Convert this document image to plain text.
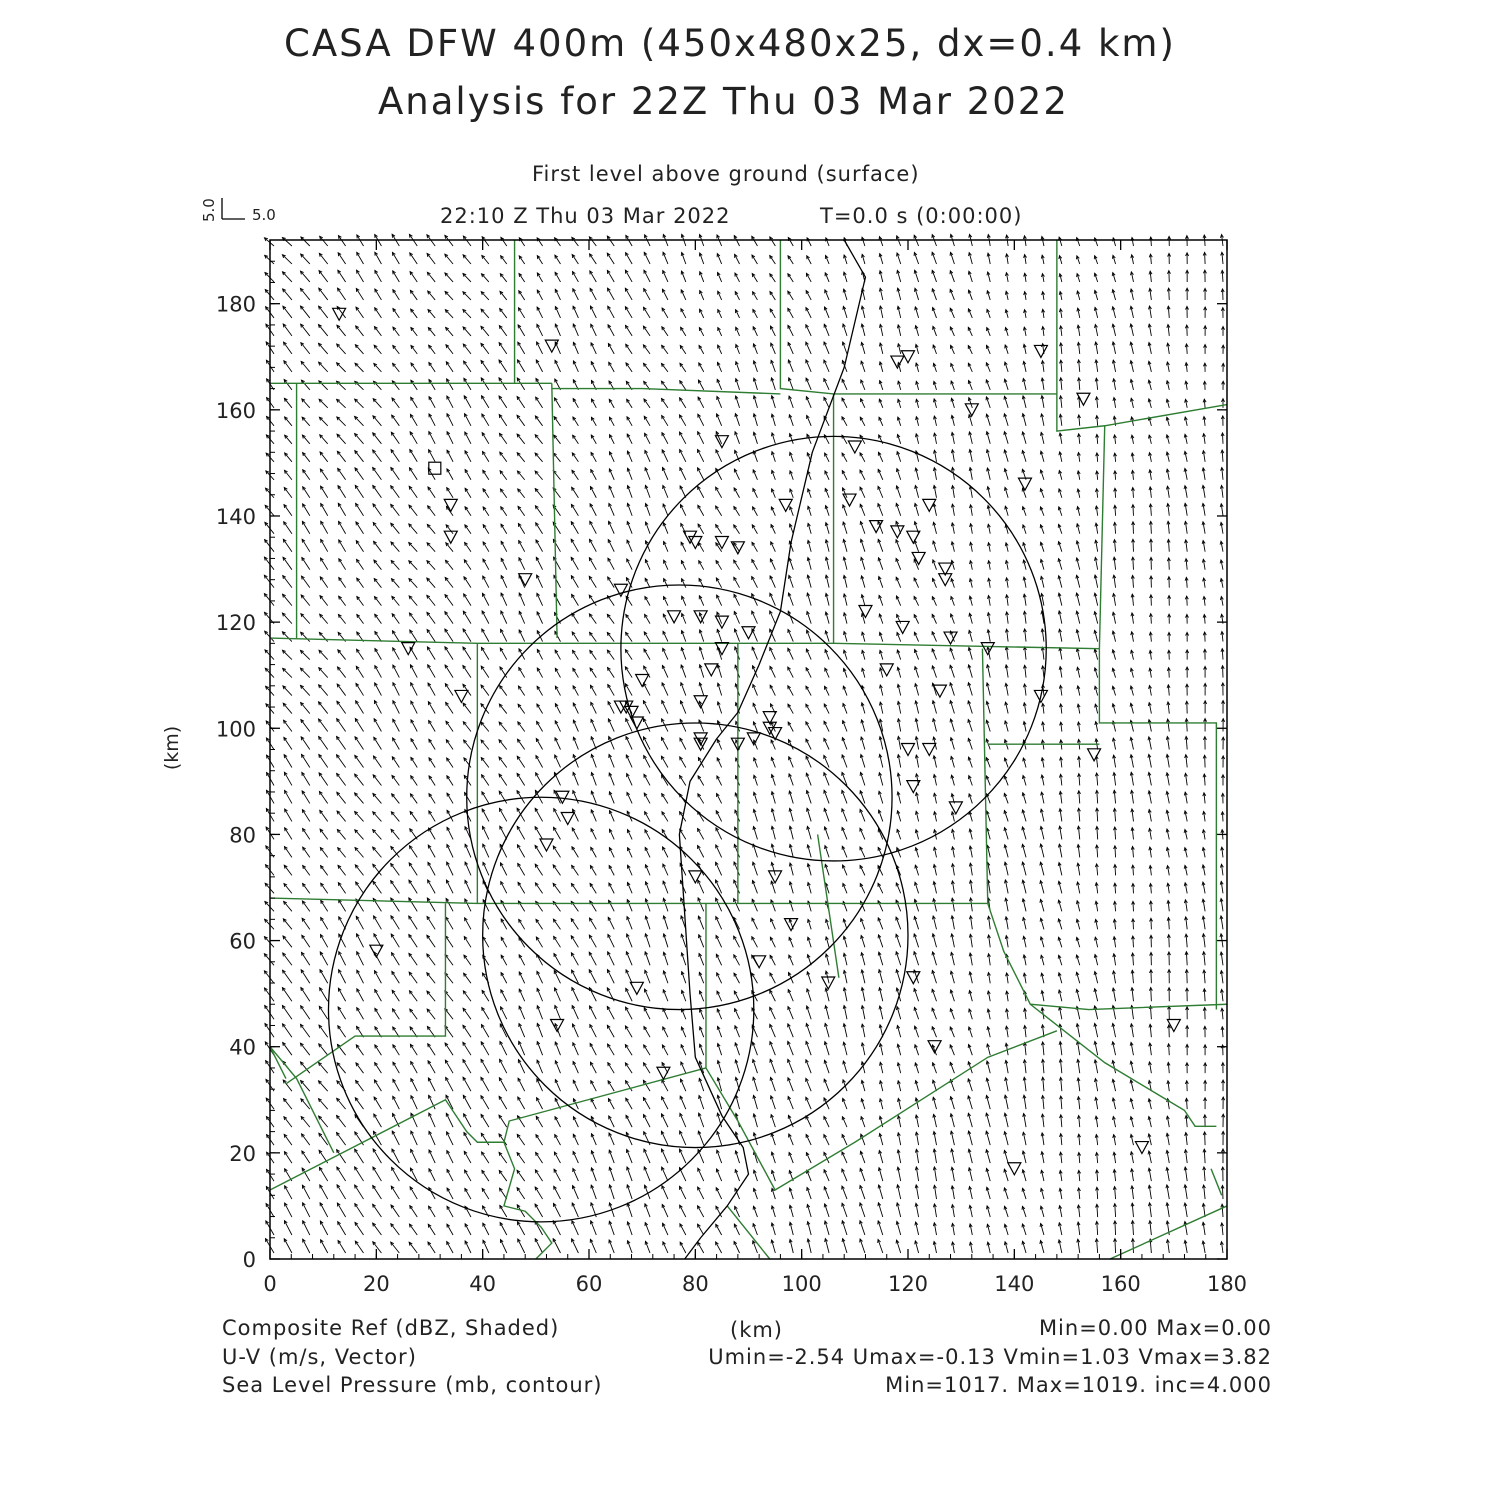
CASA DFW 400m (450x480x25, dx=0.4 km)
Analysis for 22Z Thu 03 Mar 2022
First level above ground (surface)
22:10 Z Thu 03 Mar 2022	T=0.0 s (0:00:00)
5.0
5.0
0	20	40	60	80	100	120	140	160	180
0
20
40
60
80
100
120
140
160
180
(km)
(km)
Composite Ref (dBZ, Shaded)	Min=0.00 Max=0.00
U-V (m/s, Vector)	Umin=-2.54 Umax=-0.13 Vmin=1.03 Vmax=3.82
Sea Level Pressure (mb, contour)	Min=1017. Max=1019. inc=4.000
